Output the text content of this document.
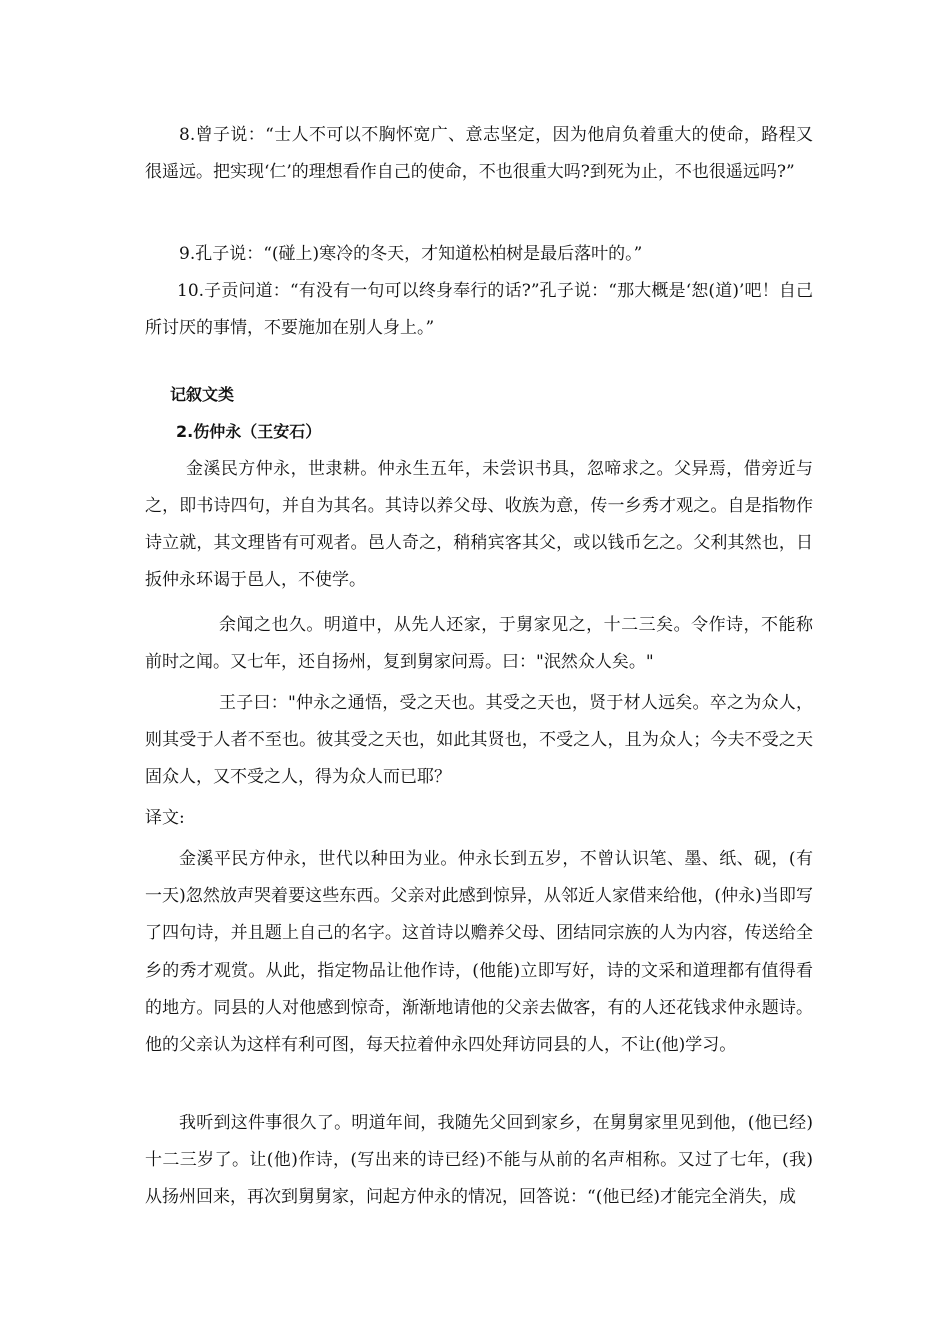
8.曾子说：“士人不可以不胸怀宽广、意志坚定，因为他肩负着重大的使命，路程又很遥远。把实现‘仁’的理想看作自己的使命，不也很重大吗?到死为止，不也很遥远吗?”

9.孔子说：“(碰上)寒冷的冬天，才知道松柏树是最后落叶的。”

10.子贡问道：“有没有一句可以终身奉行的话?”孔子说：“那大概是‘恕(道)’吧！自己所讨厌的事情，不要施加在别人身上。”

记叙文类

2.伤仲永（王安石）

金溪民方仲永，世隶耕。仲永生五年，未尝识书具，忽啼求之。父异焉，借旁近与之，即书诗四句，并自为其名。其诗以养父母、收族为意，传一乡秀才观之。自是指物作诗立就，其文理皆有可观者。邑人奇之，稍稍宾客其父，或以钱币乞之。父利其然也，日扳仲永环谒于邑人，不使学。

余闻之也久。明道中，从先人还家，于舅家见之，十二三矣。令作诗，不能称前时之闻。又七年，还自扬州，复到舅家问焉。曰："泯然众人矣。"

王子曰："仲永之通悟，受之天也。其受之天也，贤于材人远矣。卒之为众人，则其受于人者不至也。彼其受之天也，如此其贤也，不受之人，且为众人；今夫不受之天固众人，又不受之人，得为众人而已耶？

译文:

金溪平民方仲永，世代以种田为业。仲永长到五岁，不曾认识笔、墨、纸、砚，(有一天)忽然放声哭着要这些东西。父亲对此感到惊异，从邻近人家借来给他，(仲永)当即写了四句诗，并且题上自己的名字。这首诗以赡养父母、团结同宗族的人为内容，传送给全乡的秀才观赏。从此，指定物品让他作诗，(他能)立即写好，诗的文采和道理都有值得看的地方。同县的人对他感到惊奇，渐渐地请他的父亲去做客，有的人还花钱求仲永题诗。他的父亲认为这样有利可图，每天拉着仲永四处拜访同县的人，不让(他)学习。

我听到这件事很久了。明道年间，我随先父回到家乡，在舅舅家里见到他，(他已经)十二三岁了。让(他)作诗，(写出来的诗已经)不能与从前的名声相称。又过了七年，(我)从扬州回来，再次到舅舅家，问起方仲永的情况，回答说：“(他已经)才能完全消失，成
